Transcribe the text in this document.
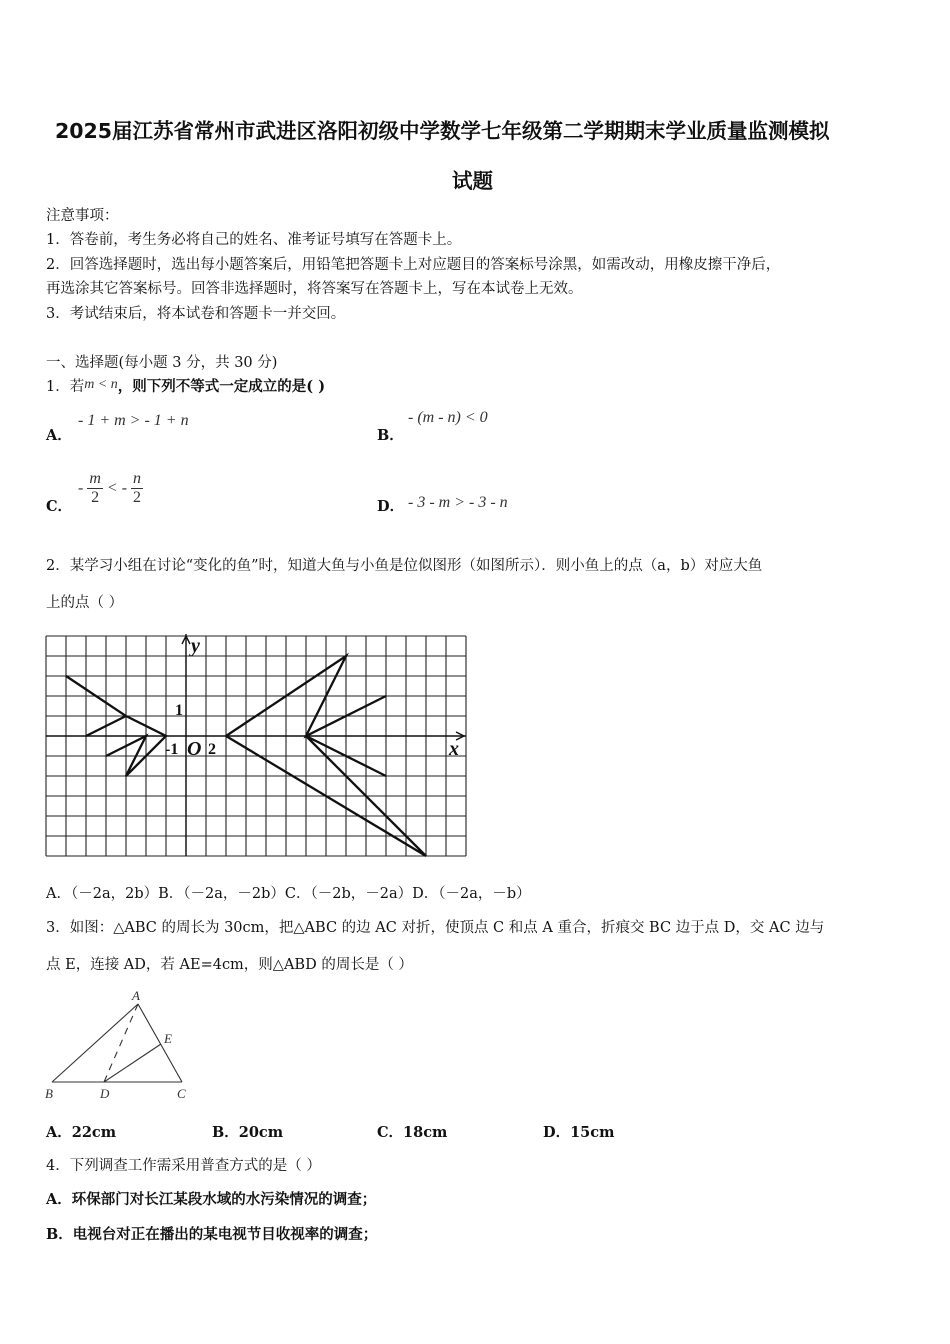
2025届江苏省常州市武进区洛阳初级中学数学七年级第二学期期末学业质量监测模拟
试题
注意事项：
1．答卷前，考生务必将自己的姓名、准考证号填写在答题卡上。
2．回答选择题时，选出每小题答案后，用铅笔把答题卡上对应题目的答案标号涂黑，如需改动，用橡皮擦干净后，
再选涂其它答案标号。回答非选择题时，将答案写在答题卡上，写在本试卷上无效。
3．考试结束后，将本试卷和答题卡一并交回。
一、选择题(每小题 3 分，共 30 分)
1．若m < n，则下列不等式一定成立的是( )
A．
- 1 + m > - 1 + n
B．
- (m - n) < 0
C．
- $\frac{m}{2}$ < - $\frac{n}{2}$	D． - 3 - m > - 3 - n
2．某学习小组在讨论“变化的鱼”时，知道大鱼与小鱼是位似图形（如图所示）．则小鱼上的点（a，b）对应大鱼
上的点（ ）
y
x
O
1
-1 2
A．（－2a，2b）B．（－2a，－2b）C．（－2b，－2a）D．（－2a，－b）
3．如图：△ABC 的周长为 30cm，把△ABC 的边 AC 对折，使顶点 C 和点 A 重合，折痕交 BC 边于点 D，交 AC 边与
点 E，连接 AD，若 AE=4cm，则△ABD 的周长是（ ）
A
B	D	C
E
A．22cm	B．20cm	C．18cm	D．15cm
4．下列调查工作需采用普查方式的是（ ）
A．环保部门对长江某段水域的水污染情况的调查；
B．电视台对正在播出的某电视节目收视率的调查；
